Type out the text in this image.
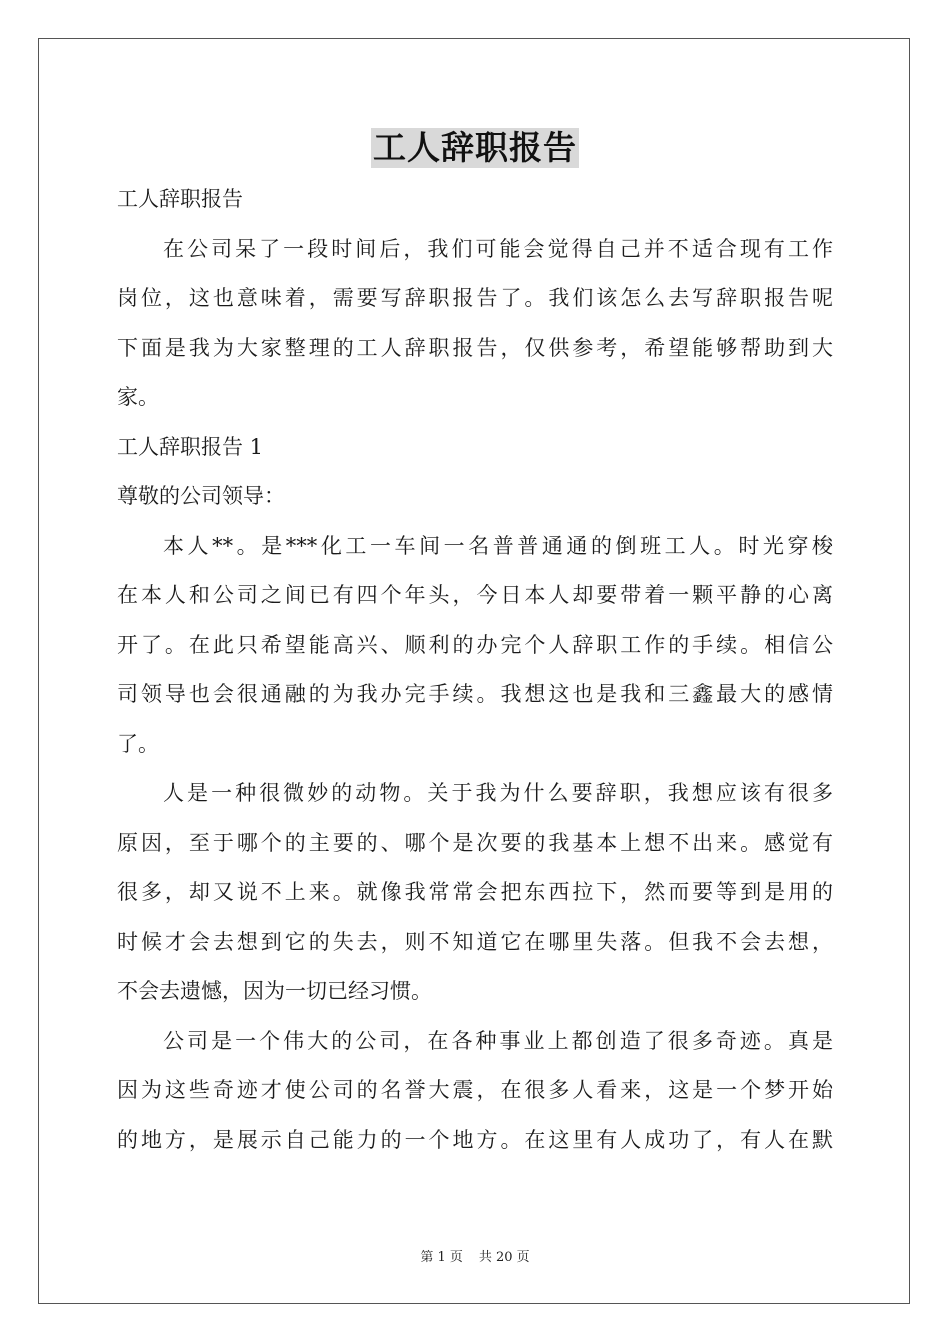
工人辞职报告

工人辞职报告

在公司呆了一段时间后，我们可能会觉得自己并不适合现有工作

岗位，这也意味着，需要写辞职报告了。我们该怎么去写辞职报告呢

下面是我为大家整理的工人辞职报告，仅供参考，希望能够帮助到大

家。

工人辞职报告 1

尊敬的公司领导：

本人**。是***化工一车间一名普普通通的倒班工人。时光穿梭

在本人和公司之间已有四个年头，今日本人却要带着一颗平静的心离

开了。在此只希望能高兴、顺利的办完个人辞职工作的手续。相信公

司领导也会很通融的为我办完手续。我想这也是我和三鑫最大的感情

了。

人是一种很微妙的动物。关于我为什么要辞职，我想应该有很多

原因，至于哪个的主要的、哪个是次要的我基本上想不出来。感觉有

很多，却又说不上来。就像我常常会把东西拉下，然而要等到是用的

时候才会去想到它的失去，则不知道它在哪里失落。但我不会去想，

不会去遗憾，因为一切已经习惯。

公司是一个伟大的公司，在各种事业上都创造了很多奇迹。真是

因为这些奇迹才使公司的名誉大震，在很多人看来，这是一个梦开始

的地方，是展示自己能力的一个地方。在这里有人成功了，有人在默

第 1 页 共 20 页
